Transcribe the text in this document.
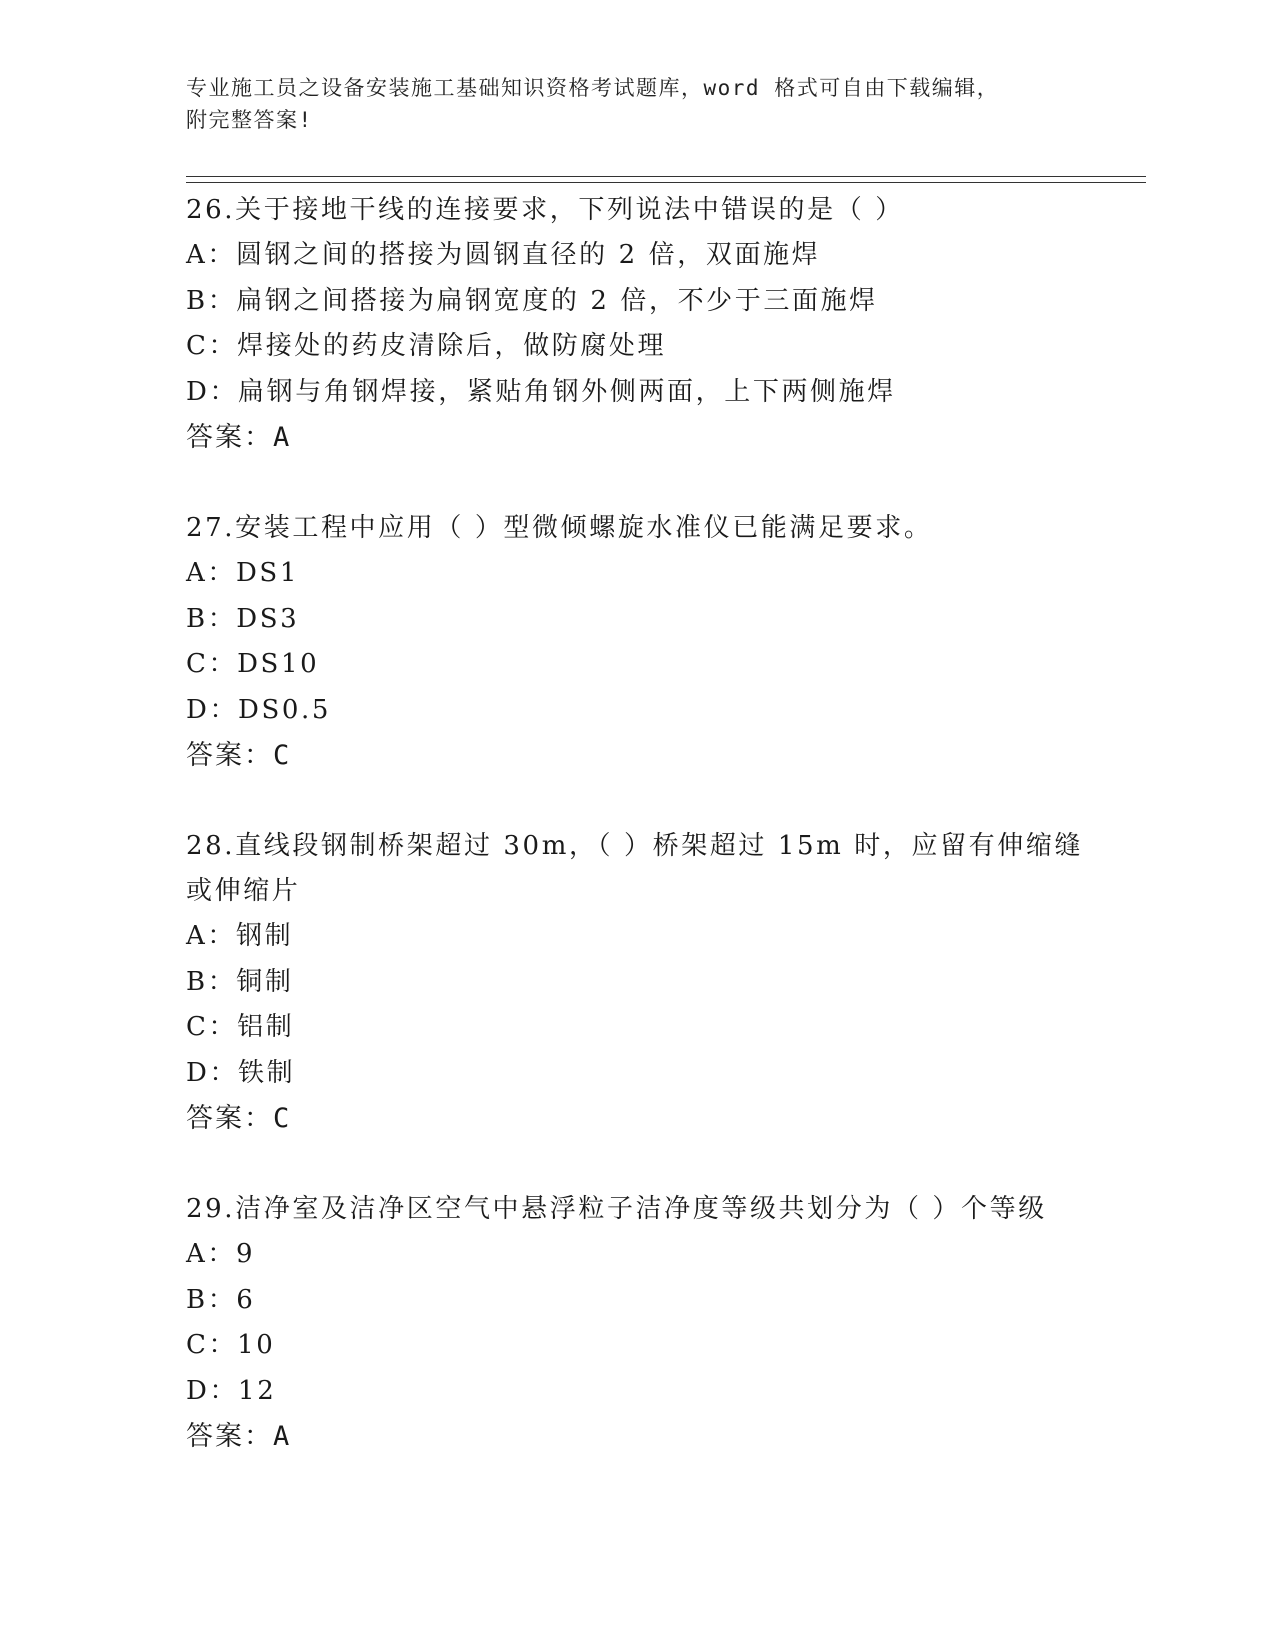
专业施工员之设备安装施工基础知识资格考试题库，word 格式可自由下载编辑，
附完整答案!

26.关于接地干线的连接要求，下列说法中错误的是（ ）

A：圆钢之间的搭接为圆钢直径的 2 倍，双面施焊

B：扁钢之间搭接为扁钢宽度的 2 倍，不少于三面施焊

C：焊接处的药皮清除后，做防腐处理

D：扁钢与角钢焊接，紧贴角钢外侧两面，上下两侧施焊

答案：A

27.安装工程中应用（ ）型微倾螺旋水准仪已能满足要求。

A：DS1

B：DS3

C：DS10

D：DS0.5

答案：C

28.直线段钢制桥架超过 30m，（ ）桥架超过 15m 时，应留有伸缩缝或伸缩片

A：钢制

B：铜制

C：铝制

D：铁制

答案：C

29.洁净室及洁净区空气中悬浮粒子洁净度等级共划分为（ ）个等级

A：9

B：6

C：10

D：12

答案：A
